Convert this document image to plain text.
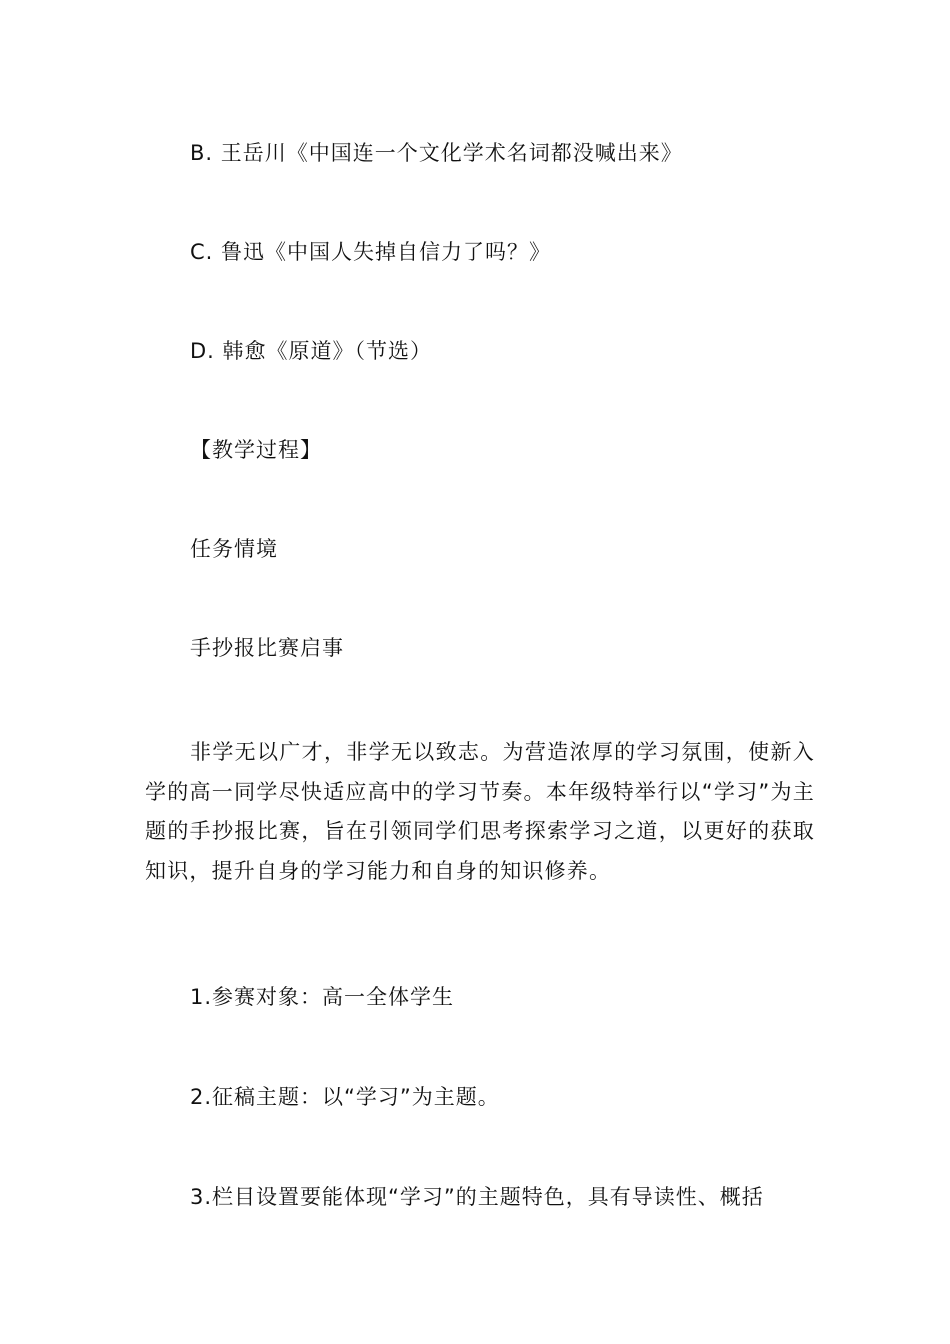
B. 王岳川《中国连一个文化学术名词都没喊出来》
C. 鲁迅《中国人失掉自信力了吗？》
D. 韩愈《原道》（节选）
【教学过程】
任务情境
手抄报比赛启事
非学无以广才，非学无以致志。为营造浓厚的学习氛围，使新入学的高一同学尽快适应高中的学习节奏。本年级特举行以“学习”为主题的手抄报比赛，旨在引领同学们思考探索学习之道，以更好的获取知识，提升自身的学习能力和自身的知识修养。
1.参赛对象：高一全体学生
2.征稿主题：以“学习”为主题。
3.栏目设置要能体现“学习”的主题特色，具有导读性、概括
